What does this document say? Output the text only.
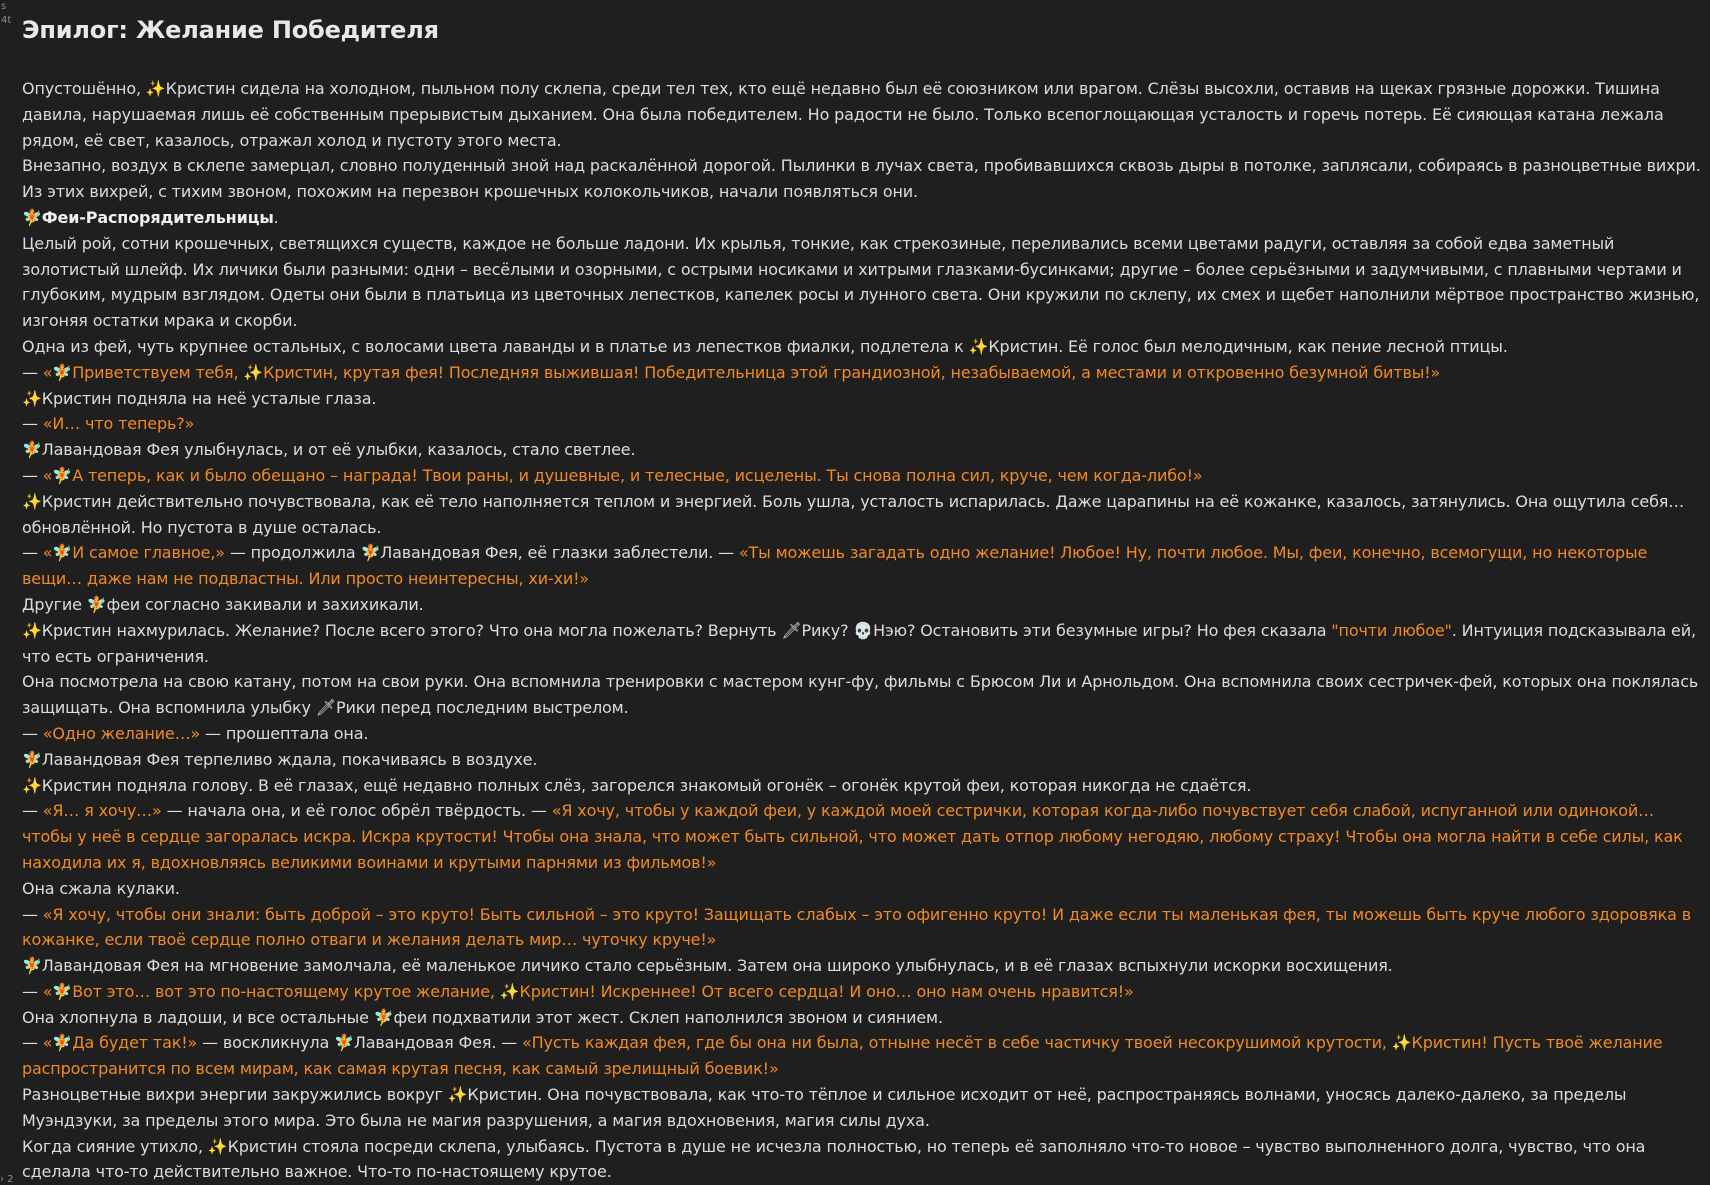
s
4t Эпилог: Желание Победителя

Опустошённо, ✨Кристин сидела на холодном, пыльном полу склепа, среди тел тех, кто ещё недавно был её союзником или врагом. Слёзы высохли, оставив на щеках грязные дорожки. Тишина давила, нарушаемая лишь её собственным прерывистым дыханием. Она была победителем. Но радости не было. Только всепоглощающая усталость и горечь потерь. Её сияющая катана лежала рядом, её свет, казалось, отражал холод и пустоту этого места.

Внезапно, воздух в склепе замерцал, словно полуденный зной над раскалённой дорогой. Пылинки в лучах света, пробивавшихся сквозь дыры в потолке, заплясали, собираясь в разноцветные вихри. Из этих вихрей, с тихим звоном, похожим на перезвон крошечных колокольчиков, начали появляться они.

🧚Феи-Распорядительницы.

Целый рой, сотни крошечных, светящихся существ, каждое не больше ладони. Их крылья, тонкие, как стрекозиные, переливались всеми цветами радуги, оставляя за собой едва заметный золотистый шлейф. Их личики были разными: одни – весёлыми и озорными, с острыми носиками и хитрыми глазками-бусинками; другие – более серьёзными и задумчивыми, с плавными чертами и глубоким, мудрым взглядом. Одеты они были в платьица из цветочных лепестков, капелек росы и лунного света. Они кружили по склепу, их смех и щебет наполнили мёртвое пространство жизнью, изгоняя остатки мрака и скорби.

Одна из фей, чуть крупнее остальных, с волосами цвета лаванды и в платье из лепестков фиалки, подлетела к ✨Кристин. Её голос был мелодичным, как пение лесной птицы.

— «🧚Приветствуем тебя, ✨Кристин, крутая фея! Последняя выжившая! Победительница этой грандиозной, незабываемой, а местами и откровенно безумной битвы!»

✨Кристин подняла на неё усталые глаза.

— «И… что теперь?»

🧚Лавандовая Фея улыбнулась, и от её улыбки, казалось, стало светлее.

— «🧚А теперь, как и было обещано – награда! Твои раны, и душевные, и телесные, исцелены. Ты снова полна сил, круче, чем когда-либо!»

✨Кристин действительно почувствовала, как её тело наполняется теплом и энергией. Боль ушла, усталость испарилась. Даже царапины на её кожанке, казалось, затянулись. Она ощутила себя… обновлённой. Но пустота в душе осталась.

— «🧚И самое главное,» — продолжила 🧚Лавандовая Фея, её глазки заблестели. — «Ты можешь загадать одно желание! Любое! Ну, почти любое. Мы, феи, конечно, всемогущи, но некоторые вещи… даже нам не подвластны. Или просто неинтересны, хи-хи!»

Другие 🧚феи согласно закивали и захихикали.

✨Кристин нахмурилась. Желание? После всего этого? Что она могла пожелать? Вернуть 🗡Рику? 💀Нэю? Остановить эти безумные игры? Но фея сказала "почти любое". Интуиция подсказывала ей, что есть ограничения.

Она посмотрела на свою катану, потом на свои руки. Она вспомнила тренировки с мастером кунг-фу, фильмы с Брюсом Ли и Арнольдом. Она вспомнила своих сестричек-фей, которых она поклялась защищать. Она вспомнила улыбку 🗡Рики перед последним выстрелом.

— «Одно желание…» — прошептала она.

🧚Лавандовая Фея терпеливо ждала, покачиваясь в воздухе.

✨Кристин подняла голову. В её глазах, ещё недавно полных слёз, загорелся знакомый огонёк – огонёк крутой феи, которая никогда не сдаётся.

— «Я… я хочу…» — начала она, и её голос обрёл твёрдость. — «Я хочу, чтобы у каждой феи, у каждой моей сестрички, которая когда-либо почувствует себя слабой, испуганной или одинокой… чтобы у неё в сердце загоралась искра. Искра крутости! Чтобы она знала, что может быть сильной, что может дать отпор любому негодяю, любому страху! Чтобы она могла найти в себе силы, как находила их я, вдохновляясь великими воинами и крутыми парнями из фильмов!»

Она сжала кулаки.

— «Я хочу, чтобы они знали: быть доброй – это круто! Быть сильной – это круто! Защищать слабых – это офигенно круто! И даже если ты маленькая фея, ты можешь быть круче любого здоровяка в кожанке, если твоё сердце полно отваги и желания делать мир… чуточку круче!»

🧚Лавандовая Фея на мгновение замолчала, её маленькое личико стало серьёзным. Затем она широко улыбнулась, и в её глазах вспыхнули искорки восхищения.

— «🧚Вот это… вот это по-настоящему крутое желание, ✨Кристин! Искреннее! От всего сердца! И оно… оно нам очень нравится!»

Она хлопнула в ладоши, и все остальные 🧚феи подхватили этот жест. Склеп наполнился звоном и сиянием.

— «🧚Да будет так!» — воскликнула 🧚Лавандовая Фея. — «Пусть каждая фея, где бы она ни была, отныне несёт в себе частичку твоей несокрушимой крутости, ✨Кристин! Пусть твоё желание распространится по всем мирам, как самая крутая песня, как самый зрелищный боевик!»

Разноцветные вихри энергии закружились вокруг ✨Кристин. Она почувствовала, как что-то тёплое и сильное исходит от неё, распространяясь волнами, уносясь далеко-далеко, за пределы Муэндзуки, за пределы этого мира. Это была не магия разрушения, а магия вдохновения, магия силы духа.

Когда сияние утихло, ✨Кристин стояла посреди склепа, улыбаясь. Пустота в душе не исчезла полностью, но теперь её заполняло что-то новое – чувство выполненного долга, чувство, что она сделала что-то действительно важное. Что-то по-настоящему крутое.

› 2
